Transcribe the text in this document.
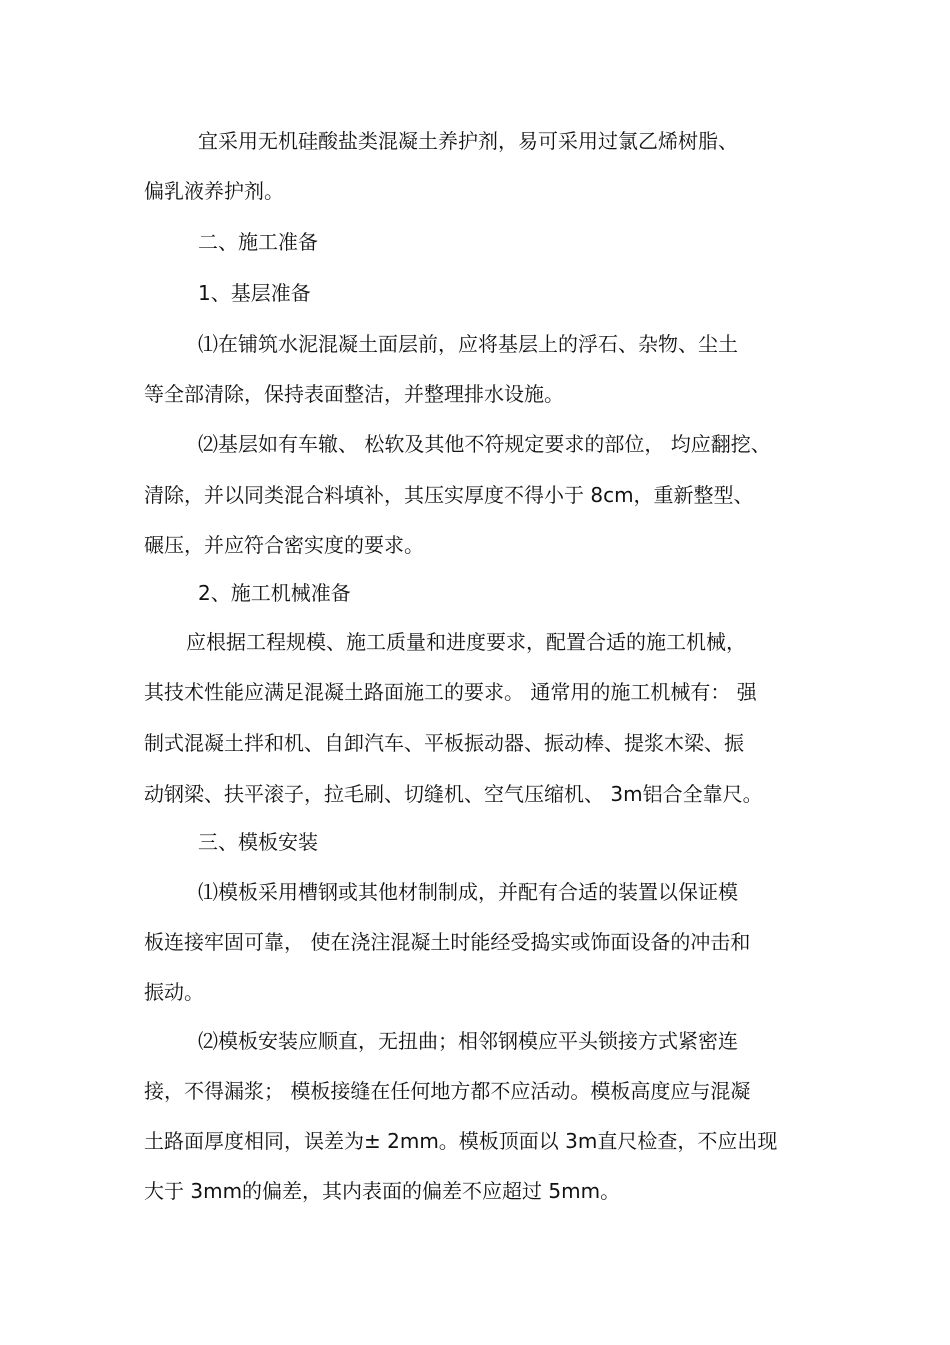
宜采用无机硅酸盐类混凝土养护剂，易可采用过氯乙烯树脂、
偏乳液养护剂。
二、施工准备
1、基层准备
⑴在铺筑水泥混凝土面层前，应将基层上的浮石、杂物、尘土
等全部清除，保持表面整洁，并整理排水设施。
⑵基层如有车辙、 松软及其他不符规定要求的部位， 均应翻挖、
清除，并以同类混合料填补，其压实厚度不得小于 8cm，重新整型、
碾压，并应符合密实度的要求。
2、施工机械准备
应根据工程规模、施工质量和进度要求，配置合适的施工机械，
其技术性能应满足混凝土路面施工的要求。 通常用的施工机械有： 强
制式混凝土拌和机、自卸汽车、平板振动器、振动棒、提浆木梁、振
动钢梁、扶平滚子，拉毛刷、切缝机、空气压缩机、 3m铝合全靠尺。
三、模板安装
⑴模板采用槽钢或其他材制制成，并配有合适的装置以保证模
板连接牢固可靠， 使在浇注混凝土时能经受捣实或饰面设备的冲击和
振动。
⑵模板安装应顺直，无扭曲；相邻钢模应平头锁接方式紧密连
接，不得漏浆； 模板接缝在任何地方都不应活动。模板高度应与混凝
土路面厚度相同，误差为± 2mm。模板顶面以 3m直尺检查，不应出现
大于 3mm的偏差，其内表面的偏差不应超过 5mm。
